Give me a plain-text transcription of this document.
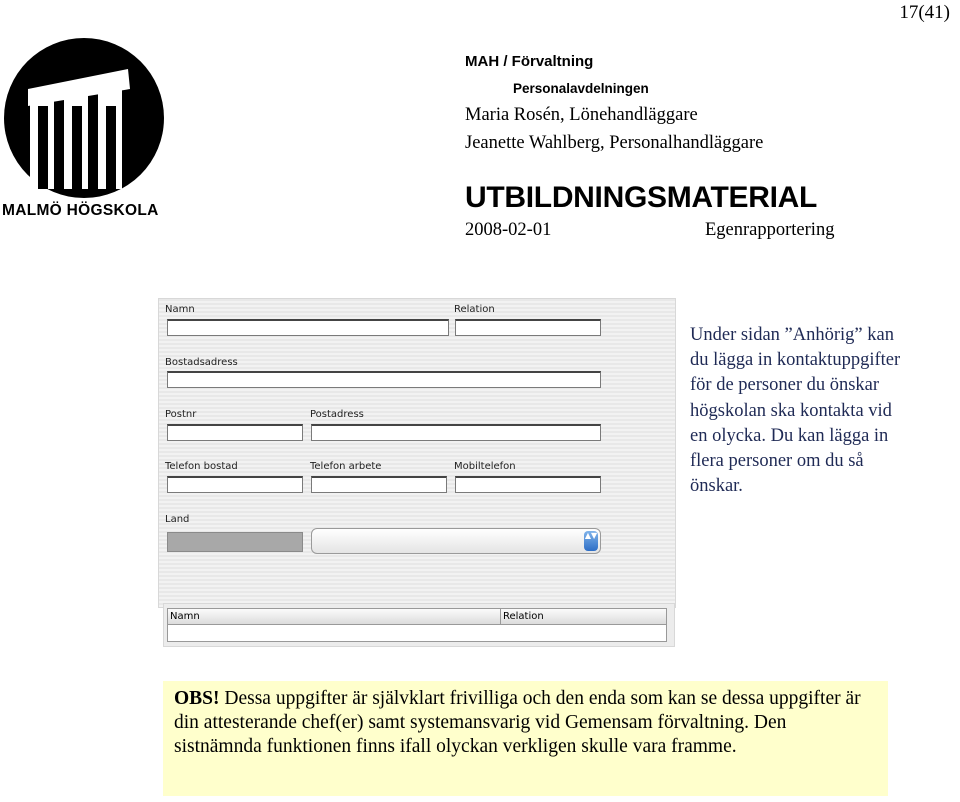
17(41)
MALMÖ HÖGSKOLA
MAH / Förvaltning
Personalavdelningen
Maria Rosén, Lönehandläggare
Jeanette Wahlberg, Personalhandläggare
UTBILDNINGSMATERIAL
2008-02-01	Egenrapportering
Namn	Relation
Bostadsadress
Postnr	Postadress
Telefon bostad	Telefon arbete	Mobiltelefon
Land
▲▼
Namn	Relation
Under sidan ”Anhörig” kan du lägga in kontaktuppgifter för de personer du önskar högskolan ska kontakta vid en olycka. Du kan lägga in flera personer om du så önskar.
OBS! Dessa uppgifter är självklart frivilliga och den enda som kan se dessa uppgifter är din attesterande chef(er) samt systemansvarig vid Gemensam förvaltning. Den sistnämnda funktionen finns ifall olyckan verkligen skulle vara framme.
